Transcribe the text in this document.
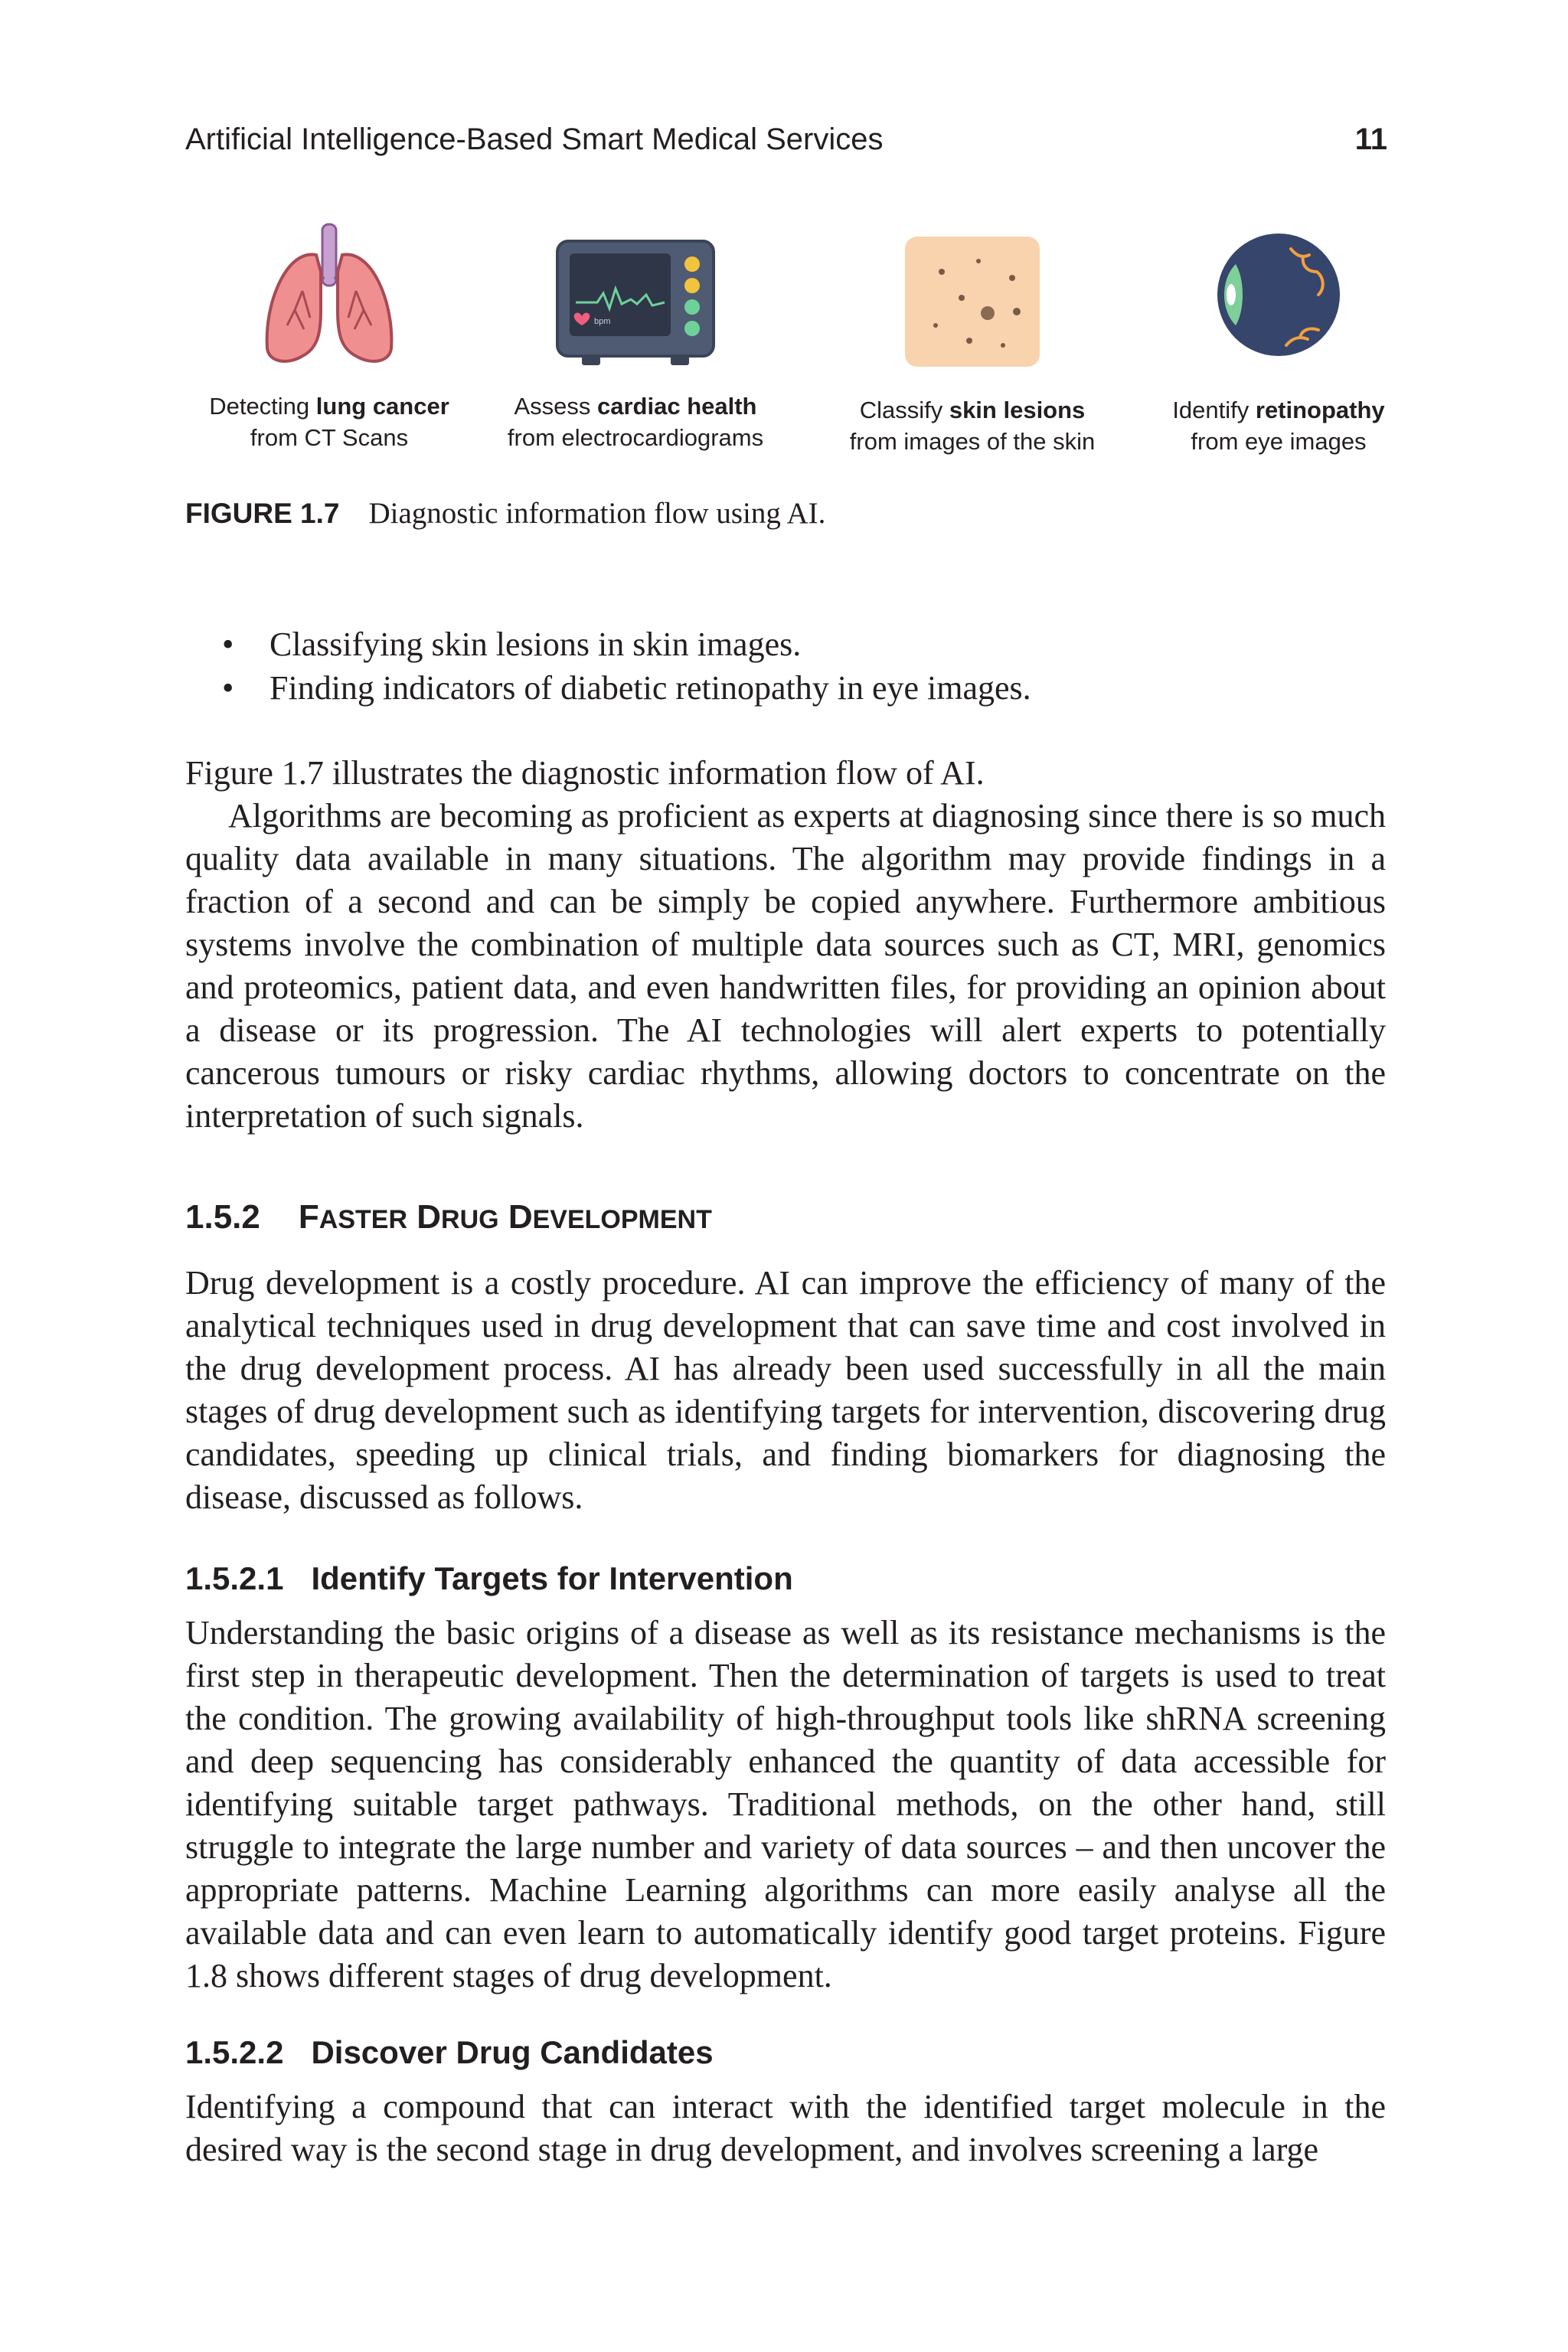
Artificial Intelligence-Based Smart Medical Services	11
Detecting lung cancer
from CT Scans
bpm
Assess cardiac health
from electrocardiograms
Classify skin lesions
from images of the skin
Identify retinopathy
from eye images
FIGURE 1.7 Diagnostic information flow using AI.
• Classifying skin lesions in skin images.
• Finding indicators of diabetic retinopathy in eye images.

Figure 1.7 illustrates the diagnostic information flow of AI.

Algorithms are becoming as proficient as experts at diagnosing since there is so much quality data available in many situations. The algorithm may provide findings in a fraction of a second and can be simply be copied anywhere. Furthermore ambitious systems involve the combination of multiple data sources such as CT, MRI, genomics and proteomics, patient data, and even handwritten files, for providing an opinion about a disease or its progression. The AI technologies will alert experts to potentially cancerous tumours or risky cardiac rhythms, allowing doctors to concentrate on the interpretation of such signals.

1.5.2 FASTER DRUG DEVELOPMENT

Drug development is a costly procedure. AI can improve the efficiency of many of the analytical techniques used in drug development that can save time and cost involved in the drug development process. AI has already been used successfully in all the main stages of drug development such as identifying targets for intervention, discovering drug candidates, speeding up clinical trials, and finding biomarkers for diagnosing the disease, discussed as follows.

1.5.2.1 Identify Targets for Intervention

Understanding the basic origins of a disease as well as its resistance mechanisms is the first step in therapeutic development. Then the determination of targets is used to treat the condition. The growing availability of high-throughput tools like shRNA screening and deep sequencing has considerably enhanced the quantity of data accessible for identifying suitable target pathways. Traditional methods, on the other hand, still struggle to integrate the large number and variety of data sources – and then uncover the appropriate patterns. Machine Learning algorithms can more easily analyse all the available data and can even learn to automatically identify good target proteins. Figure 1.8 shows different stages of drug development.

1.5.2.2 Discover Drug Candidates

Identifying a compound that can interact with the identified target molecule in the desired way is the second stage in drug development, and involves screening a large
